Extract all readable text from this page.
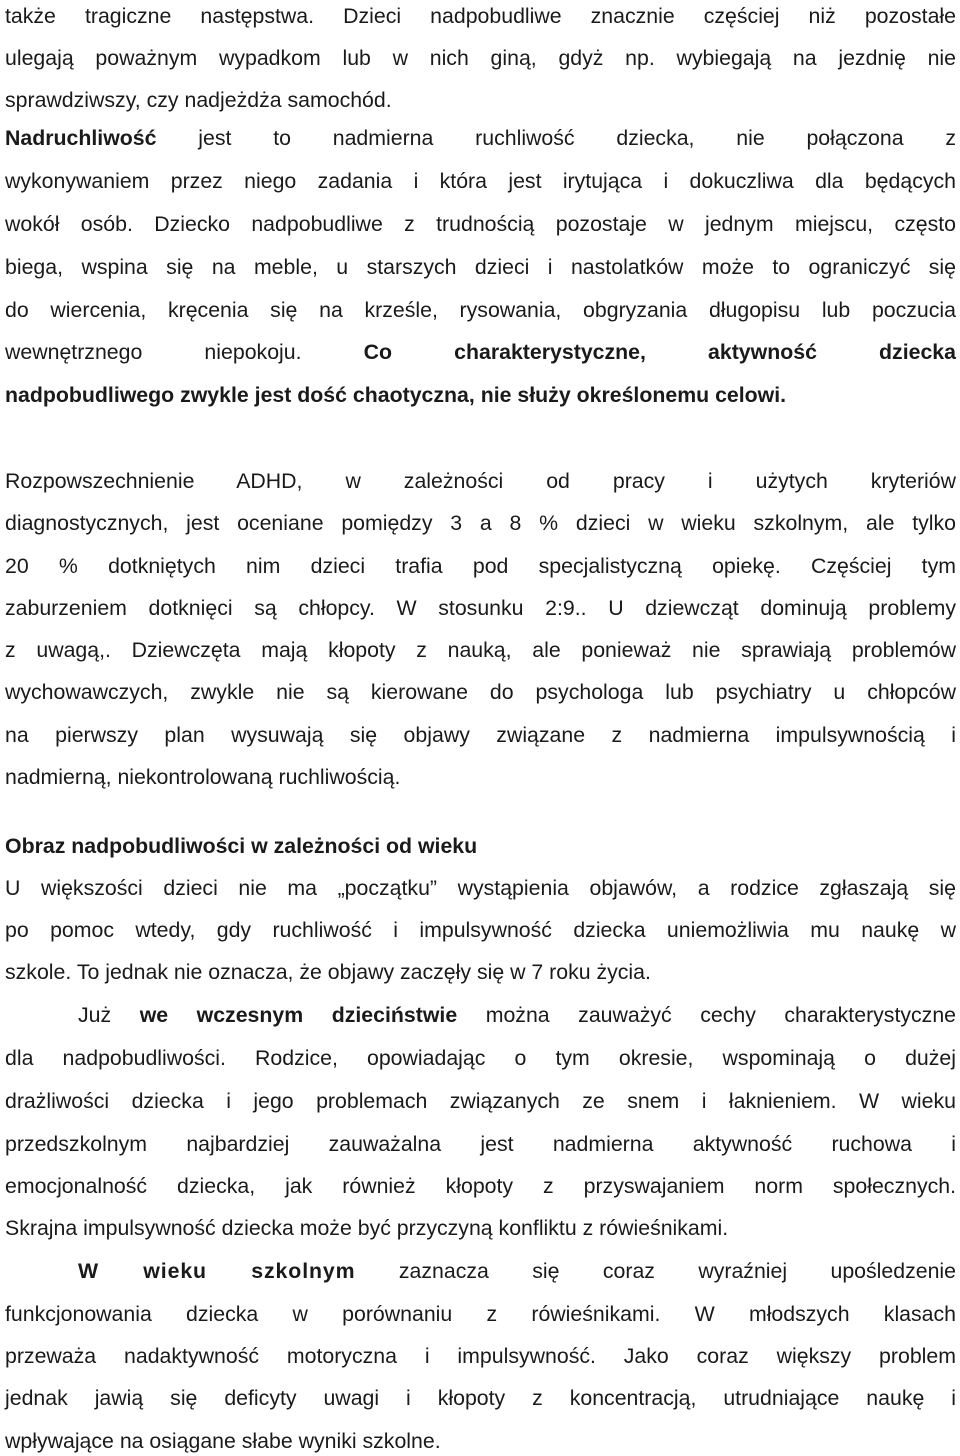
także tragiczne następstwa. Dzieci nadpobudliwe znacznie częściej niż pozostałe
ulegają poważnym wypadkom lub w nich giną, gdyż np. wybiegają na jezdnię nie
sprawdziwszy, czy nadjeżdża samochód.
Nadruchliwość jest to nadmierna ruchliwość dziecka, nie połączona z
wykonywaniem przez niego zadania i która jest irytująca i dokuczliwa dla będących
wokół osób. Dziecko nadpobudliwe z trudnością pozostaje w jednym miejscu, często
biega, wspina się na meble, u starszych dzieci i nastolatków może to ograniczyć się
do wiercenia, kręcenia się na krześle, rysowania, obgryzania długopisu lub poczucia
wewnętrznego niepokoju. Co charakterystyczne, aktywność dziecka
nadpobudliwego zwykle jest dość chaotyczna, nie służy określonemu celowi.
Rozpowszechnienie ADHD, w zależności od pracy i użytych kryteriów
diagnostycznych, jest oceniane pomiędzy 3 a 8 % dzieci w wieku szkolnym, ale tylko
20 % dotkniętych nim dzieci trafia pod specjalistyczną opiekę. Częściej tym
zaburzeniem dotknięci są chłopcy. W stosunku 2:9.. U dziewcząt dominują problemy
z uwagą,. Dziewczęta mają kłopoty z nauką, ale ponieważ nie sprawiają problemów
wychowawczych, zwykle nie są kierowane do psychologa lub psychiatry u chłopców
na pierwszy plan wysuwają się objawy związane z nadmierna impulsywnością i
nadmierną, niekontrolowaną ruchliwością.
Obraz nadpobudliwości w zależności od wieku
U większości dzieci nie ma „początku” wystąpienia objawów, a rodzice zgłaszają się
po pomoc wtedy, gdy ruchliwość i impulsywność dziecka uniemożliwia mu naukę w
szkole. To jednak nie oznacza, że objawy zaczęły się w 7 roku życia.
Już we wczesnym dzieciństwie można zauważyć cechy charakterystyczne
dla nadpobudliwości. Rodzice, opowiadając o tym okresie, wspominają o dużej
drażliwości dziecka i jego problemach związanych ze snem i łaknieniem. W wieku
przedszkolnym najbardziej zauważalna jest nadmierna aktywność ruchowa i
emocjonalność dziecka, jak również kłopoty z przyswajaniem norm społecznych.
Skrajna impulsywność dziecka może być przyczyną konfliktu z rówieśnikami.
W wieku szkolnym zaznacza się coraz wyraźniej upośledzenie
funkcjonowania dziecka w porównaniu z rówieśnikami. W młodszych klasach
przeważa nadaktywność motoryczna i impulsywność. Jako coraz większy problem
jednak jawią się deficyty uwagi i kłopoty z koncentracją, utrudniające naukę i
wpływające na osiągane słabe wyniki szkolne.
